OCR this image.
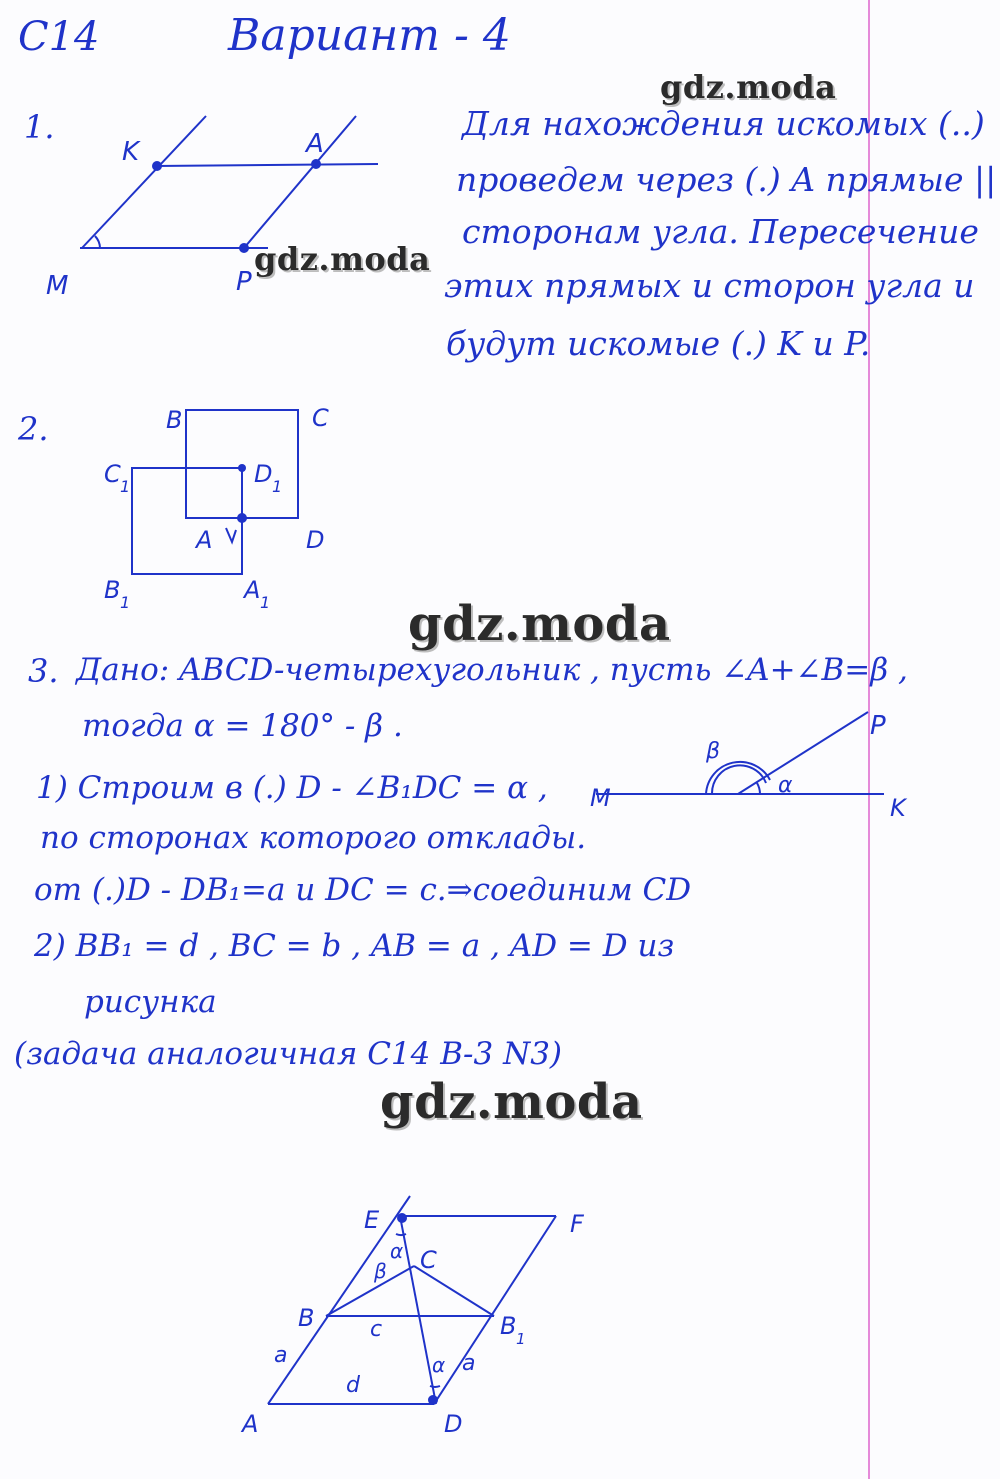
С14	Вариант - 4
1.	Для нахождения искомых (..)
проведем через (.) A прямые ||
сторонам угла. Пересечение
этих прямых и сторон угла и
будут искомые (.) K и P.
2.
3. Дано: ABCD-четырехугольник , пусть ∠A+∠B=β ,
тогда α = 180° - β .
1) Строим в (.) D - ∠B₁DC = α ,
по сторонах которого отклады.
от (.)D - DB₁=a и DC = c.⇒соединим CD
2) BB₁ = d , BC = b , AB = a , AD = D из
рисунка
(задача аналогичная С14 В-3 N3)
gdz.moda
gdz.moda
gdz.moda
gdz.moda
K	A
M	P
B	C
C 1	D 1
A	D
B 1	A 1
M	K
P
β
α
E	F
C
B	B 1
A	D
a	a
c
d
α
β
α
